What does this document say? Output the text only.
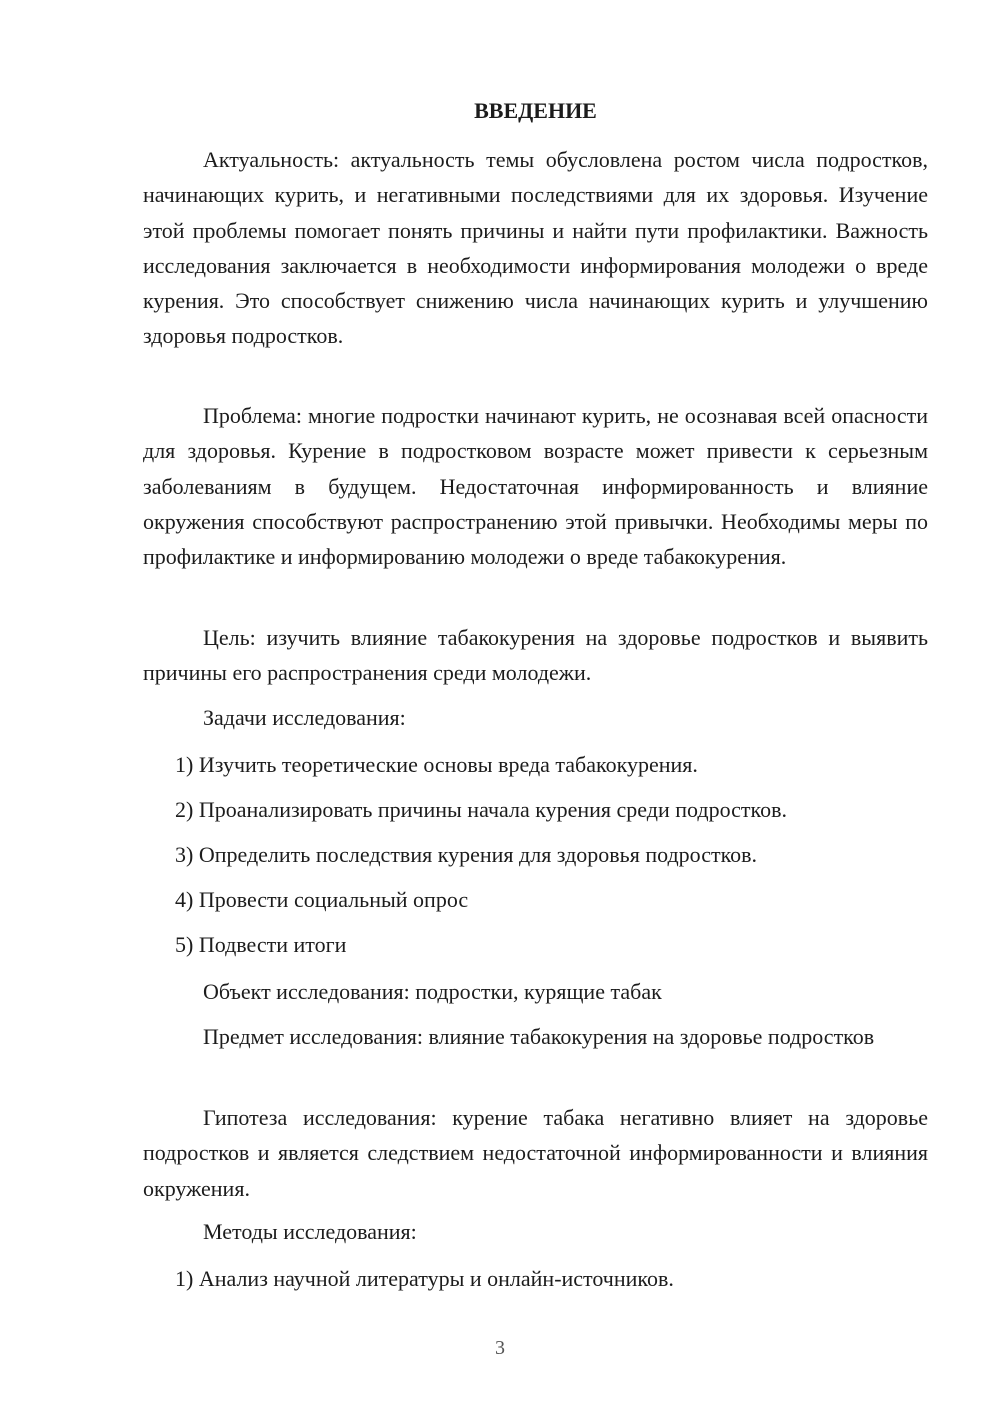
ВВЕДЕНИЕ

Актуальность: актуальность темы обусловлена ростом числа подростков, начинающих курить, и негативными последствиями для их здоровья. Изучение этой проблемы помогает понять причины и найти пути профилактики. Важность исследования заключается в необходимости информирования молодежи о вреде курения. Это способствует снижению числа начинающих курить и улучшению здоровья подростков.

Проблема: многие подростки начинают курить, не осознавая всей опасности для здоровья. Курение в подростковом возрасте может привести к серьезным заболеваниям в будущем. Недостаточная информированность и влияние окружения способствуют распространению этой привычки. Необходимы меры по профилактике и информированию молодежи о вреде табакокурения.

Цель: изучить влияние табакокурения на здоровье подростков и выявить причины его распространения среди молодежи.

Задачи исследования:

1) Изучить теоретические основы вреда табакокурения.

2) Проанализировать причины начала курения среди подростков.

3) Определить последствия курения для здоровья подростков.

4) Провести социальный опрос

5) Подвести итоги

Объект исследования: подростки, курящие табак

Предмет исследования: влияние табакокурения на здоровье подростков

Гипотеза исследования: курение табака негативно влияет на здоровье подростков и является следствием недостаточной информированности и влияния окружения.

Методы исследования:

1) Анализ научной литературы и онлайн-источников.

3
